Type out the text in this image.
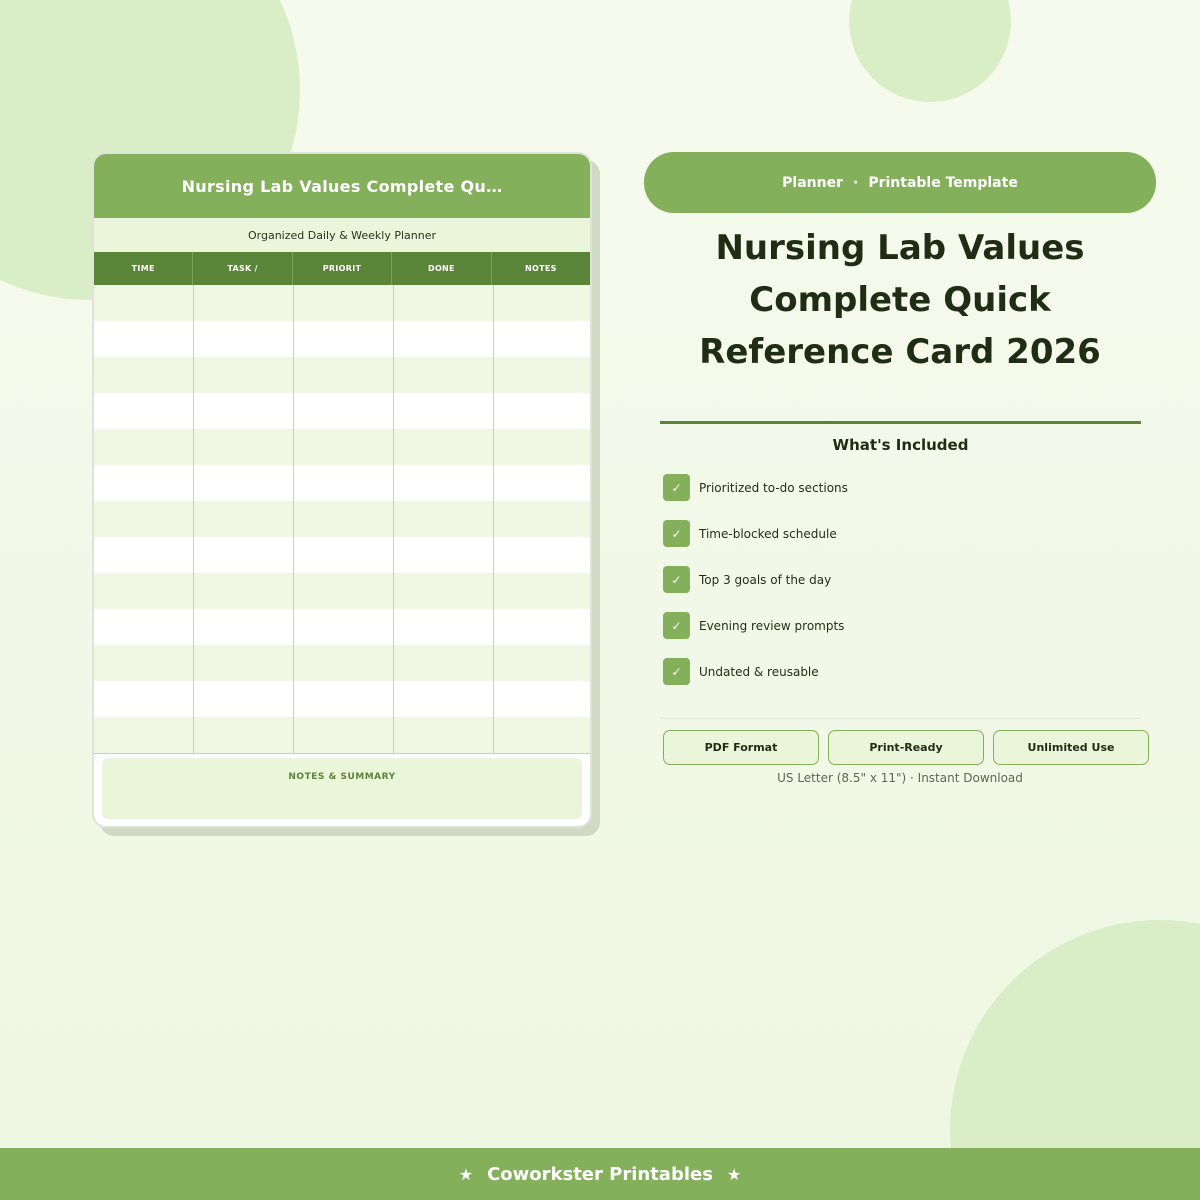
Nursing Lab Values Complete Qu…
Organized Daily & Weekly Planner
TIME	TASK /	PRIORIT	DONE	NOTES
NOTES & SUMMARY
Planner · Printable Template
Nursing Lab Values Complete Quick Reference Card 2026
What's Included
✓	Prioritized to-do sections
✓	Time-blocked schedule
✓	Top 3 goals of the day
✓	Evening review prompts
✓	Undated & reusable
PDF Format	Print-Ready	Unlimited Use
US Letter (8.5" x 11") · Instant Download
★ Coworkster Printables ★
